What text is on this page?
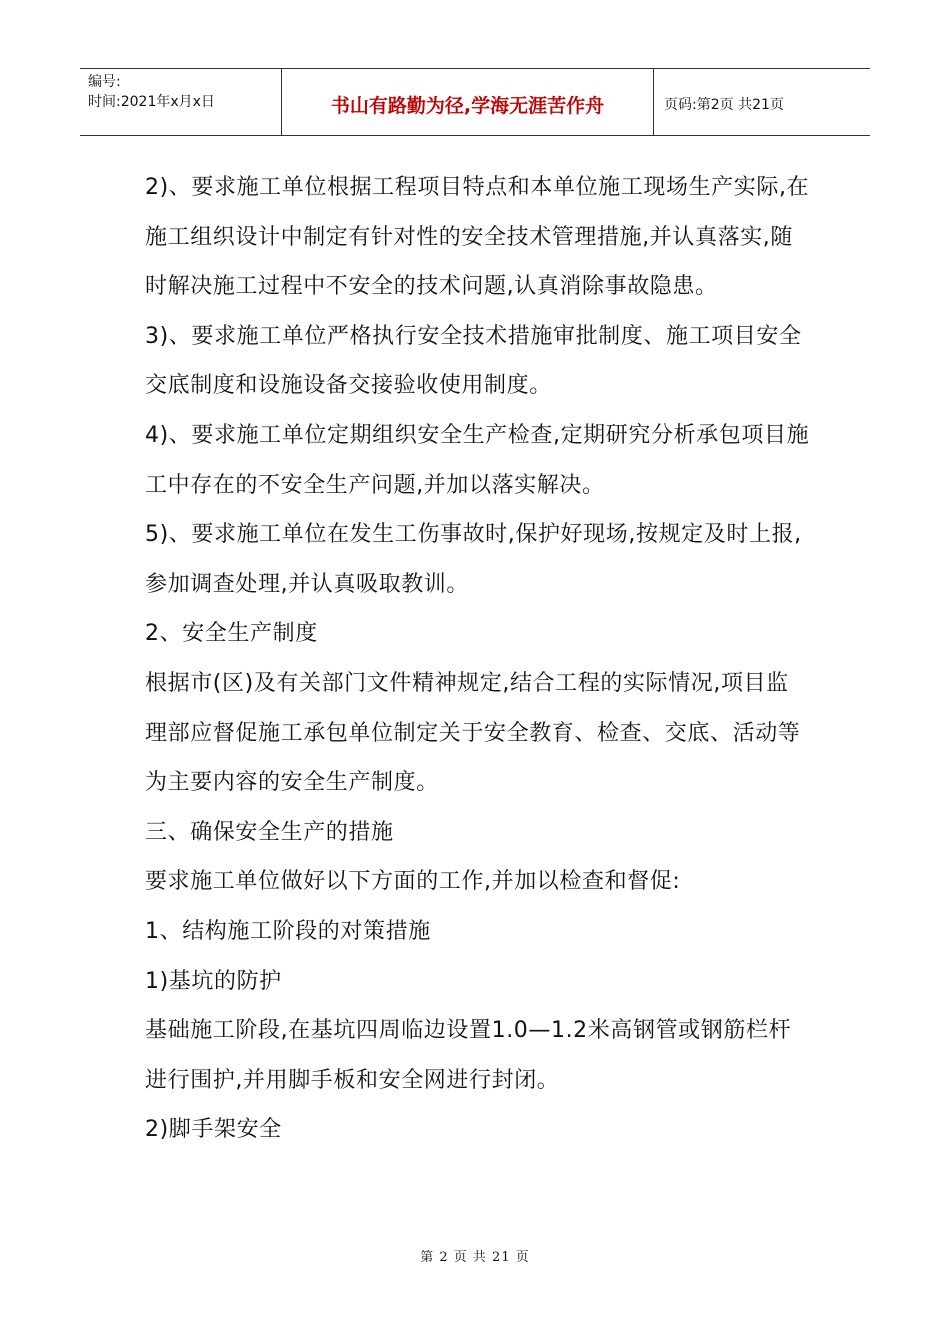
编号:
时间:2021年x月x日	书山有路勤为径,学海无涯苦作舟	页码:第2页 共21页

2)、要求施工单位根据工程项目特点和本单位施工现场生产实际,在施工组织设计中制定有针对性的安全技术管理措施,并认真落实,随时解决施工过程中不安全的技术问题,认真消除事故隐患。

3)、要求施工单位严格执行安全技术措施审批制度、施工项目安全交底制度和设施设备交接验收使用制度。

4)、要求施工单位定期组织安全生产检查,定期研究分析承包项目施工中存在的不安全生产问题,并加以落实解决。

5)、要求施工单位在发生工伤事故时,保护好现场,按规定及时上报,参加调查处理,并认真吸取教训。

2、安全生产制度

根据市(区)及有关部门文件精神规定,结合工程的实际情况,项目监理部应督促施工承包单位制定关于安全教育、检查、交底、活动等为主要内容的安全生产制度。

三、确保安全生产的措施

要求施工单位做好以下方面的工作,并加以检查和督促:

1、结构施工阶段的对策措施

1)基坑的防护

基础施工阶段,在基坑四周临边设置1.0—1.2米高钢管或钢筋栏杆进行围护,并用脚手板和安全网进行封闭。

2)脚手架安全

第 2 页 共 21 页
